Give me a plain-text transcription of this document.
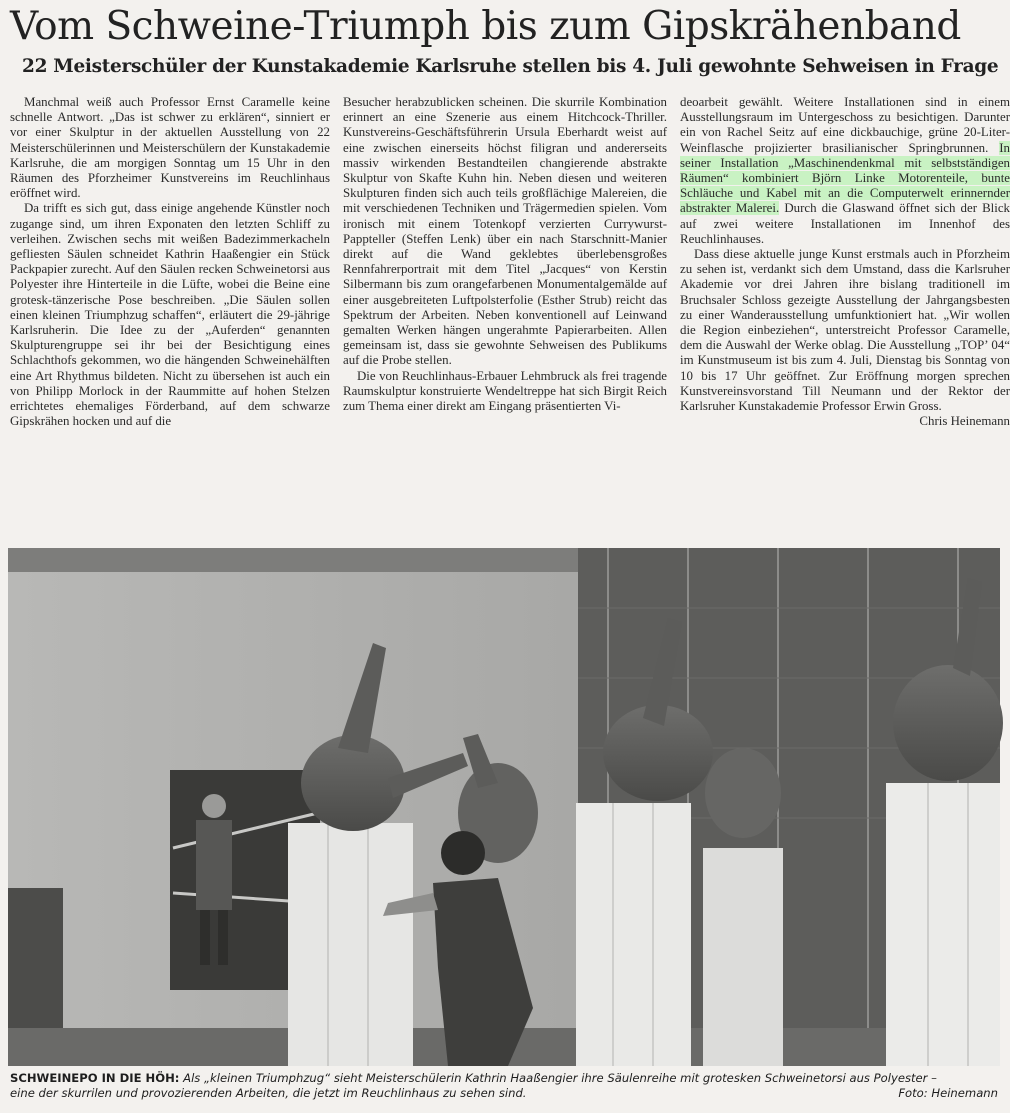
Vom Schweine-Triumph bis zum Gipskrähenband
22 Meisterschüler der Kunstakademie Karlsruhe stellen bis 4. Juli gewohnte Sehweisen in Frage

Manchmal weiß auch Professor Ernst Caramelle keine schnelle Antwort. „Das ist schwer zu erklären“, sinniert er vor einer Skulptur in der aktuellen Ausstellung von 22 Meisterschülerinnen und Meisterschülern der Kunstakademie Karlsruhe, die am morgigen Sonntag um 15 Uhr in den Räumen des Pforzheimer Kunstvereins im Reuchlinhaus eröffnet wird.

Da trifft es sich gut, dass einige angehende Künstler noch zugange sind, um ihren Exponaten den letzten Schliff zu verleihen. Zwischen sechs mit weißen Badezimmerkacheln gefliesten Säulen schneidet Kathrin Haaßengier ein Stück Packpapier zurecht. Auf den Säulen recken Schweinetorsi aus Polyester ihre Hinterteile in die Lüfte, wobei die Beine eine grotesk-tänzerische Pose beschreiben. „Die Säulen sollen einen kleinen Triumphzug schaffen“, erläutert die 29-jährige Karlsruherin. Die Idee zu der „Auferden“ genannten Skulpturengruppe sei ihr bei der Besichtigung eines Schlachthofs gekommen, wo die hängenden Schweinehälften eine Art Rhythmus bildeten. Nicht zu übersehen ist auch ein von Philipp Morlock in der Raummitte auf hohen Stelzen errichtetes ehemaliges Förderband, auf dem schwarze Gipskrähen hocken und auf die

Besucher herabzublicken scheinen. Die skurrile Kombination erinnert an eine Szenerie aus einem Hitchcock-Thriller. Kunstvereins-Geschäftsführerin Ursula Eberhardt weist auf eine zwischen einerseits höchst filigran und andererseits massiv wirkenden Bestandteilen changierende abstrakte Skulptur von Skafte Kuhn hin. Neben diesen und weiteren Skulpturen finden sich auch teils großflächige Malereien, die mit verschiedenen Techniken und Trägermedien spielen. Vom ironisch mit einem Totenkopf verzierten Currywurst-Pappteller (Steffen Lenk) über ein nach Starschnitt-Manier direkt auf die Wand geklebtes überlebensgroßes Rennfahrerportrait mit dem Titel „Jacques“ von Kerstin Silbermann bis zum orangefarbenen Monumentalgemälde auf einer ausgebreiteten Luftpolsterfolie (Esther Strub) reicht das Spektrum der Arbeiten. Neben konventionell auf Leinwand gemalten Werken hängen ungerahmte Papierarbeiten. Allen gemeinsam ist, dass sie gewohnte Sehweisen des Publikums auf die Probe stellen.

Die von Reuchlinhaus-Erbauer Lehmbruck als frei tragende Raumskulptur konstruierte Wendeltreppe hat sich Birgit Reich zum Thema einer direkt am Eingang präsentierten Vi-

deoarbeit gewählt. Weitere Installationen sind in einem Ausstellungsraum im Untergeschoss zu besichtigen. Darunter ein von Rachel Seitz auf eine dickbauchige, grüne 20-Liter-Weinflasche projizierter brasilianischer Springbrunnen. In seiner Installation „Maschinendenkmal mit selbstständigen Räumen“ kombiniert Björn Linke Motorenteile, bunte Schläuche und Kabel mit an die Computerwelt erinnernder abstrakter Malerei. Durch die Glaswand öffnet sich der Blick auf zwei weitere Installationen im Innenhof des Reuchlinhauses.

Dass diese aktuelle junge Kunst erstmals auch in Pforzheim zu sehen ist, verdankt sich dem Umstand, dass die Karlsruher Akademie vor drei Jahren ihre bislang traditionell im Bruchsaler Schloss gezeigte Ausstellung der Jahrgangsbesten zu einer Wanderausstellung umfunktioniert hat. „Wir wollen die Region einbeziehen“, unterstreicht Professor Caramelle, dem die Auswahl der Werke oblag. Die Ausstellung „TOP’ 04“ im Kunstmuseum ist bis zum 4. Juli, Dienstag bis Sonntag von 10 bis 17 Uhr geöffnet. Zur Eröffnung morgen sprechen Kunstvereinsvorstand Till Neumann und der Rektor der Karlsruher Kunstakademie Professor Erwin Gross.
Chris Heinemann

SCHWEINEPO IN DIE HÖH: Als „kleinen Triumphzug“ sieht Meisterschülerin Kathrin Haaßengier ihre Säulenreihe mit grotesken Schweinetorsi aus Polyester –
eine der skurrilen und provozierenden Arbeiten, die jetzt im Reuchlinhaus zu sehen sind.	Foto: Heinemann
